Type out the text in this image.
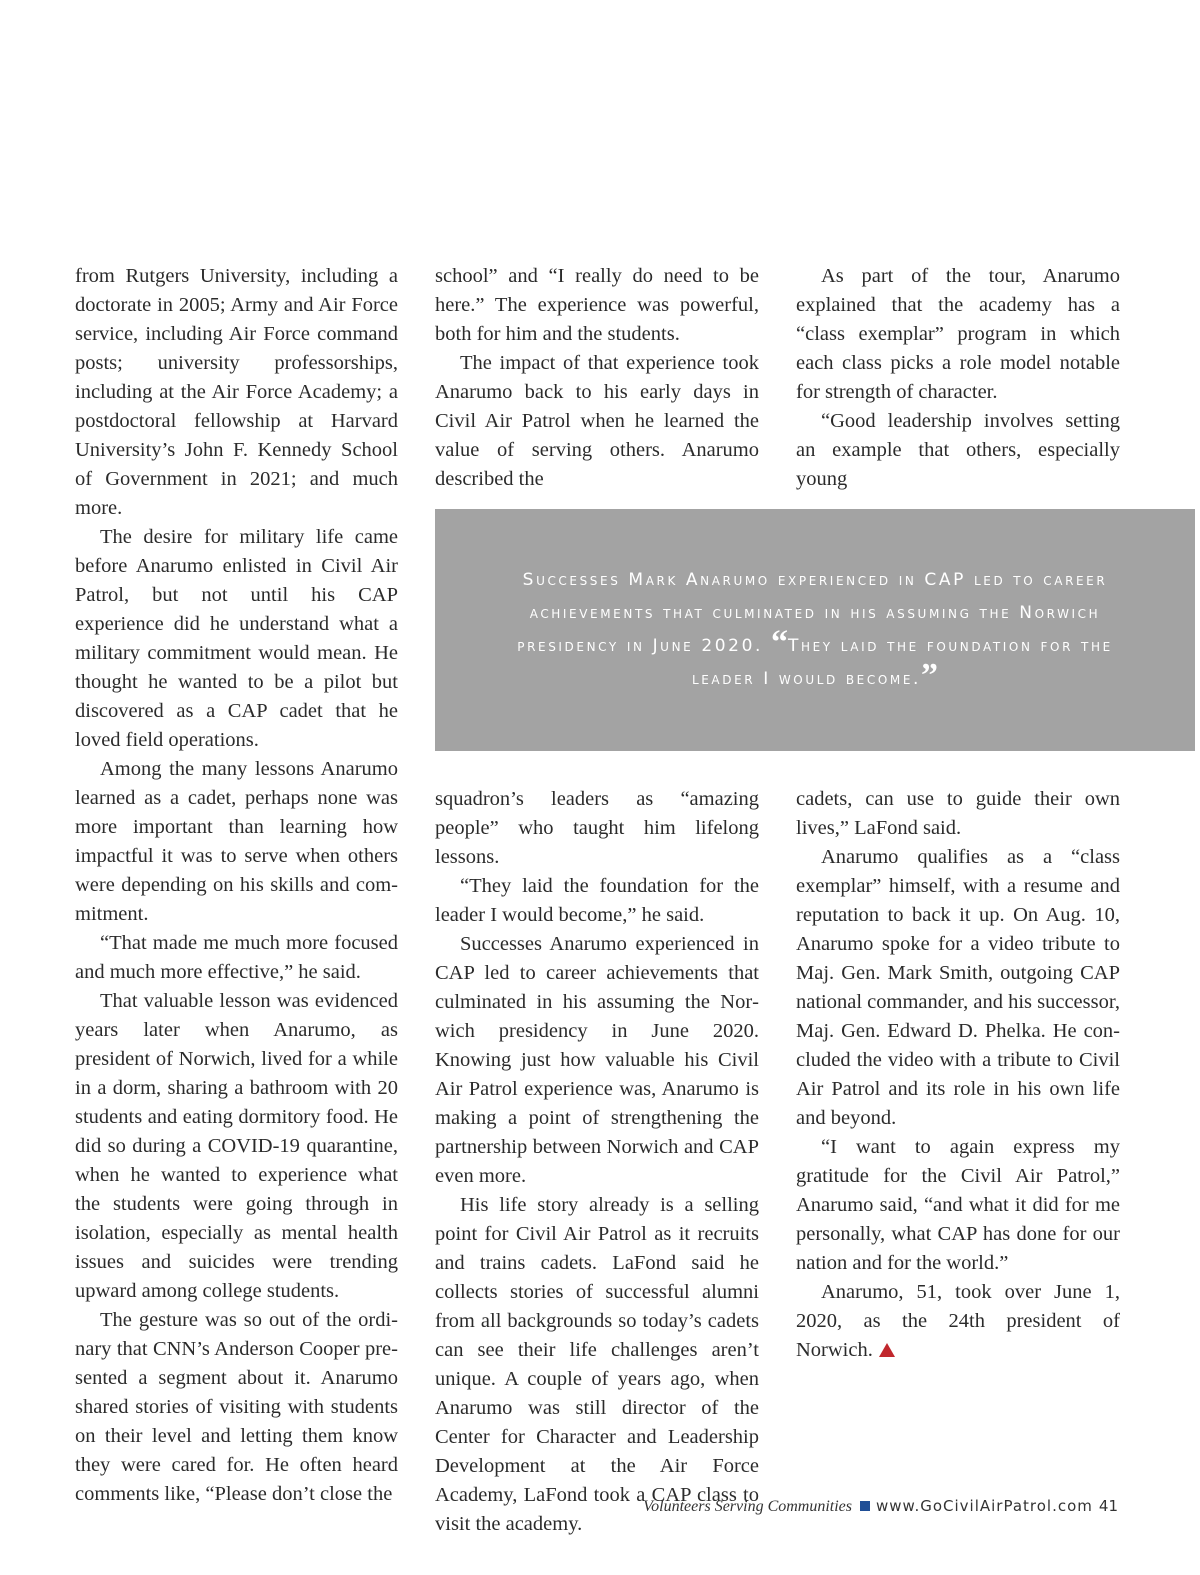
from Rutgers University, including a doctorate in 2005; Army and Air Force service, including Air Force command posts; university professorships, including at the Air Force Academy; a postdoctoral fellowship at Harvard University’s John F. Kennedy School of Government in 2021; and much more.

The desire for military life came before Anarumo enlisted in Civil Air Patrol, but not until his CAP experience did he understand what a military commitment would mean. He thought he wanted to be a pilot but discovered as a CAP cadet that he loved field operations.

Among the many lessons Anarumo learned as a cadet, perhaps none was more important than learning how impactful it was to serve when others were depending on his skills and commitment.

“That made me much more focused and much more effective,” he said.

That valuable lesson was evidenced years later when Anarumo, as president of Norwich, lived for a while in a dorm, sharing a bathroom with 20 students and eating dormitory food. He did so during a COVID-19 quarantine, when he wanted to experience what the students were going through in isolation, especially as mental health issues and suicides were trending upward among college students.

The gesture was so out of the ordinary that CNN’s Anderson Cooper presented a segment about it. Anarumo shared stories of visiting with students on their level and letting them know they were cared for. He often heard comments like, “Please don’t close the

school” and “I really do need to be here.” The experience was powerful, both for him and the students.

The impact of that experience took Anarumo back to his early days in Civil Air Patrol when he learned the value of serving others. Anarumo described the

As part of the tour, Anarumo explained that the academy has a “class exemplar” program in which each class picks a role model notable for strength of character.

“Good leadership involves setting an example that others, especially young

Successes Mark Anarumo experienced in CAP led to career achievements that culminated in his assuming the Norwich presidency in June 2020. “They laid the foundation for the leader I would become.”

squadron’s leaders as “amazing people” who taught him lifelong lessons.

“They laid the foundation for the leader I would become,” he said.

Successes Anarumo experienced in CAP led to career achievements that culminated in his assuming the Norwich presidency in June 2020. Knowing just how valuable his Civil Air Patrol experience was, Anarumo is making a point of strengthening the partnership between Norwich and CAP even more.

His life story already is a selling point for Civil Air Patrol as it recruits and trains cadets. LaFond said he collects stories of successful alumni from all backgrounds so today’s cadets can see their life challenges aren’t unique. A couple of years ago, when Anarumo was still director of the Center for Character and Leadership Development at the Air Force Academy, LaFond took a CAP class to visit the academy.

cadets, can use to guide their own lives,” LaFond said.

Anarumo qualifies as a “class exemplar” himself, with a resume and reputation to back it up. On Aug. 10, Anarumo spoke for a video tribute to Maj. Gen. Mark Smith, outgoing CAP national commander, and his successor, Maj. Gen. Edward D. Phelka. He concluded the video with a tribute to Civil Air Patrol and its role in his own life and beyond.

“I want to again express my gratitude for the Civil Air Patrol,” Anarumo said, “and what it did for me personally, what CAP has done for our nation and for the world.”

Anarumo, 51, took over June 1, 2020, as the 24th president of Norwich.

Volunteers Serving Communities www.GoCivilAirPatrol.com 41
